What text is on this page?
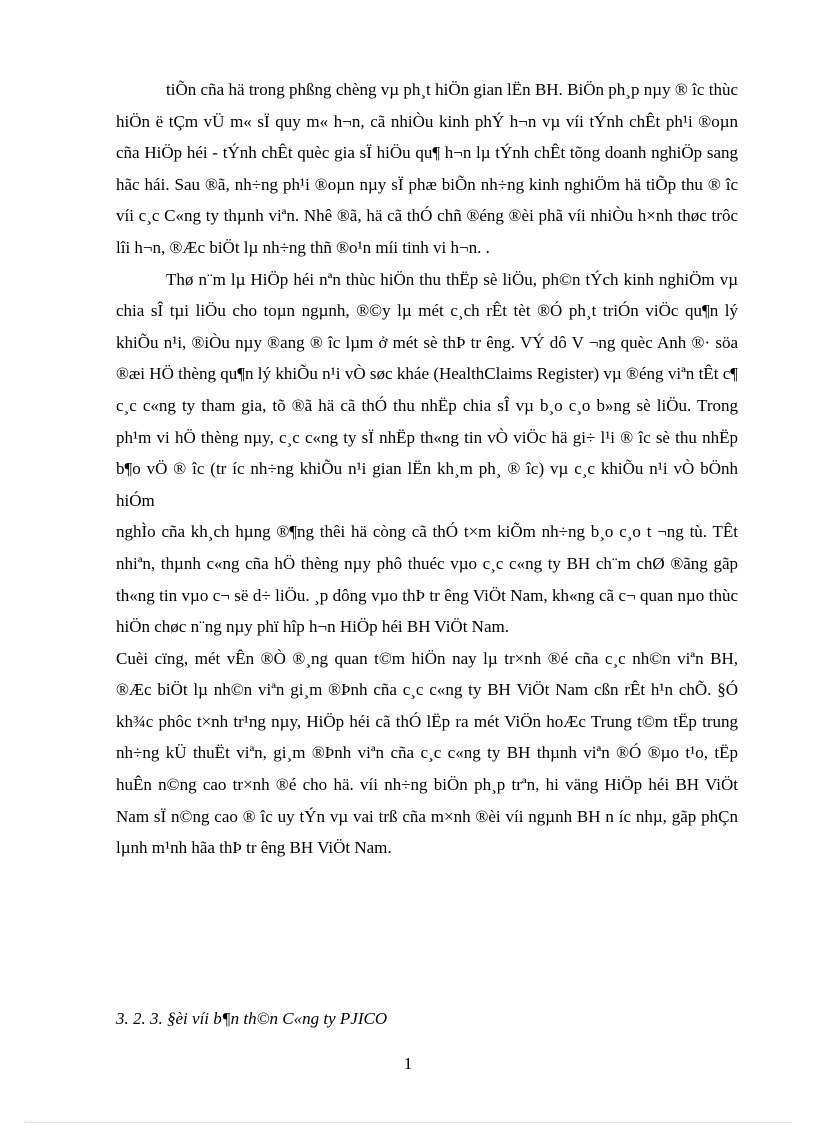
tiÕn cña hä trong phßng chèng vµ ph¸t hiÖn gian lËn BH. BiÖn ph¸p nµy ® îc thùc hiÖn ë tÇm vÜ m« sÏ quy m« h¬n, cã nhiÒu kinh phÝ h¬n vµ víi tÝnh chÊt ph¹i ®oµn cña HiÖp héi - tÝnh chÊt quèc gia sÏ hiÖu qu¶ h¬n lµ tÝnh chÊt tõng doanh nghiÖp sang hãc hái. Sau ®ã, nh÷ng ph¹i ®oµn nµy sÏ phæ biÕn nh÷ng kinh nghiÖm hä tiÕp thu ® îc víi c¸c C«ng ty thµnh viªn. Nhê ®ã, hä cã thÓ chñ ®éng ®èi phã víi nhiÒu h×nh thøc trôc lîi h¬n, ®Æc biÖt lµ nh÷ng thñ ®o¹n míi tinh vi h¬n. .

Thø n¨m lµ HiÖp héi nªn thùc hiÖn thu thËp sè liÖu, ph©n tÝch kinh nghiÖm vµ chia sÎ tµi liÖu cho toµn ngµnh, ®©y lµ mét c¸ch rÊt tèt ®Ó ph¸t triÓn viÖc qu¶n lý khiÕu n¹i, ®iÒu nµy ®ang ® îc lµm ở mét sè thÞ tr êng. VÝ dô V ¬ng quèc Anh ®· söa ®æi HÖ thèng qu¶n lý khiÕu n¹i vÒ søc kháe (HealthClaims Register) vµ ®éng viªn tÊt c¶ c¸c c«ng ty tham gia, tõ ®ã hä cã thÓ thu nhËp chia sÎ vµ b¸o c¸o b»ng sè liÖu. Trong ph¹m vi hÖ thèng nµy, c¸c c«ng ty sÏ nhËp th«ng tin vÒ viÖc hä gi÷ l¹i ® îc sè thu nhËp b¶o vÖ ® îc (tr íc nh÷ng khiÕu n¹i gian lËn kh¸m ph¸ ® îc) vµ c¸c khiÕu n¹i vÒ bÖnh hiÓm

nghÌo cña kh¸ch hµng ®¶ng thêi hä còng cã thÓ t×m kiÕm nh÷ng b¸o c¸o t ¬ng tù. TÊt nhiªn, thµnh c«ng cña hÖ thèng nµy phô thuéc vµo c¸c c«ng ty BH ch¨m chØ ®ãng gãp th«ng tin vµo c¬ së d÷ liÖu. ¸p dông vµo thÞ tr êng ViÖt Nam, kh«ng cã c¬ quan nµo thùc hiÖn chøc n¨ng nµy phï hîp h¬n HiÖp héi BH ViÖt Nam.

Cuèi cïng, mét vÊn ®Ò ®¸ng quan t©m hiÖn nay lµ tr×nh ®é cña c¸c nh©n viªn BH, ®Æc biÖt lµ nh©n viªn gi¸m ®Þnh cña c¸c c«ng ty BH ViÖt Nam cßn rÊt h¹n chÕ. §Ó kh¾c phôc t×nh tr¹ng nµy, HiÖp héi cã thÓ lËp ra mét ViÖn hoÆc Trung t©m tËp trung nh÷ng kÜ thuËt viªn, gi¸m ®Þnh viªn cña c¸c c«ng ty BH thµnh viªn ®Ó ®µo t¹o, tËp huÊn n©ng cao tr×nh ®é cho hä. víi nh÷ng biÖn ph¸p trªn, hi väng HiÖp héi BH ViÖt Nam sÏ n©ng cao ® îc uy tÝn vµ vai trß cña m×nh ®èi víi ngµnh BH n íc nhµ, gãp phÇn lµnh m¹nh hãa thÞ tr êng BH ViÖt Nam.

3. 2. 3. §èi víi b¶n th©n C«ng ty PJICO
1
